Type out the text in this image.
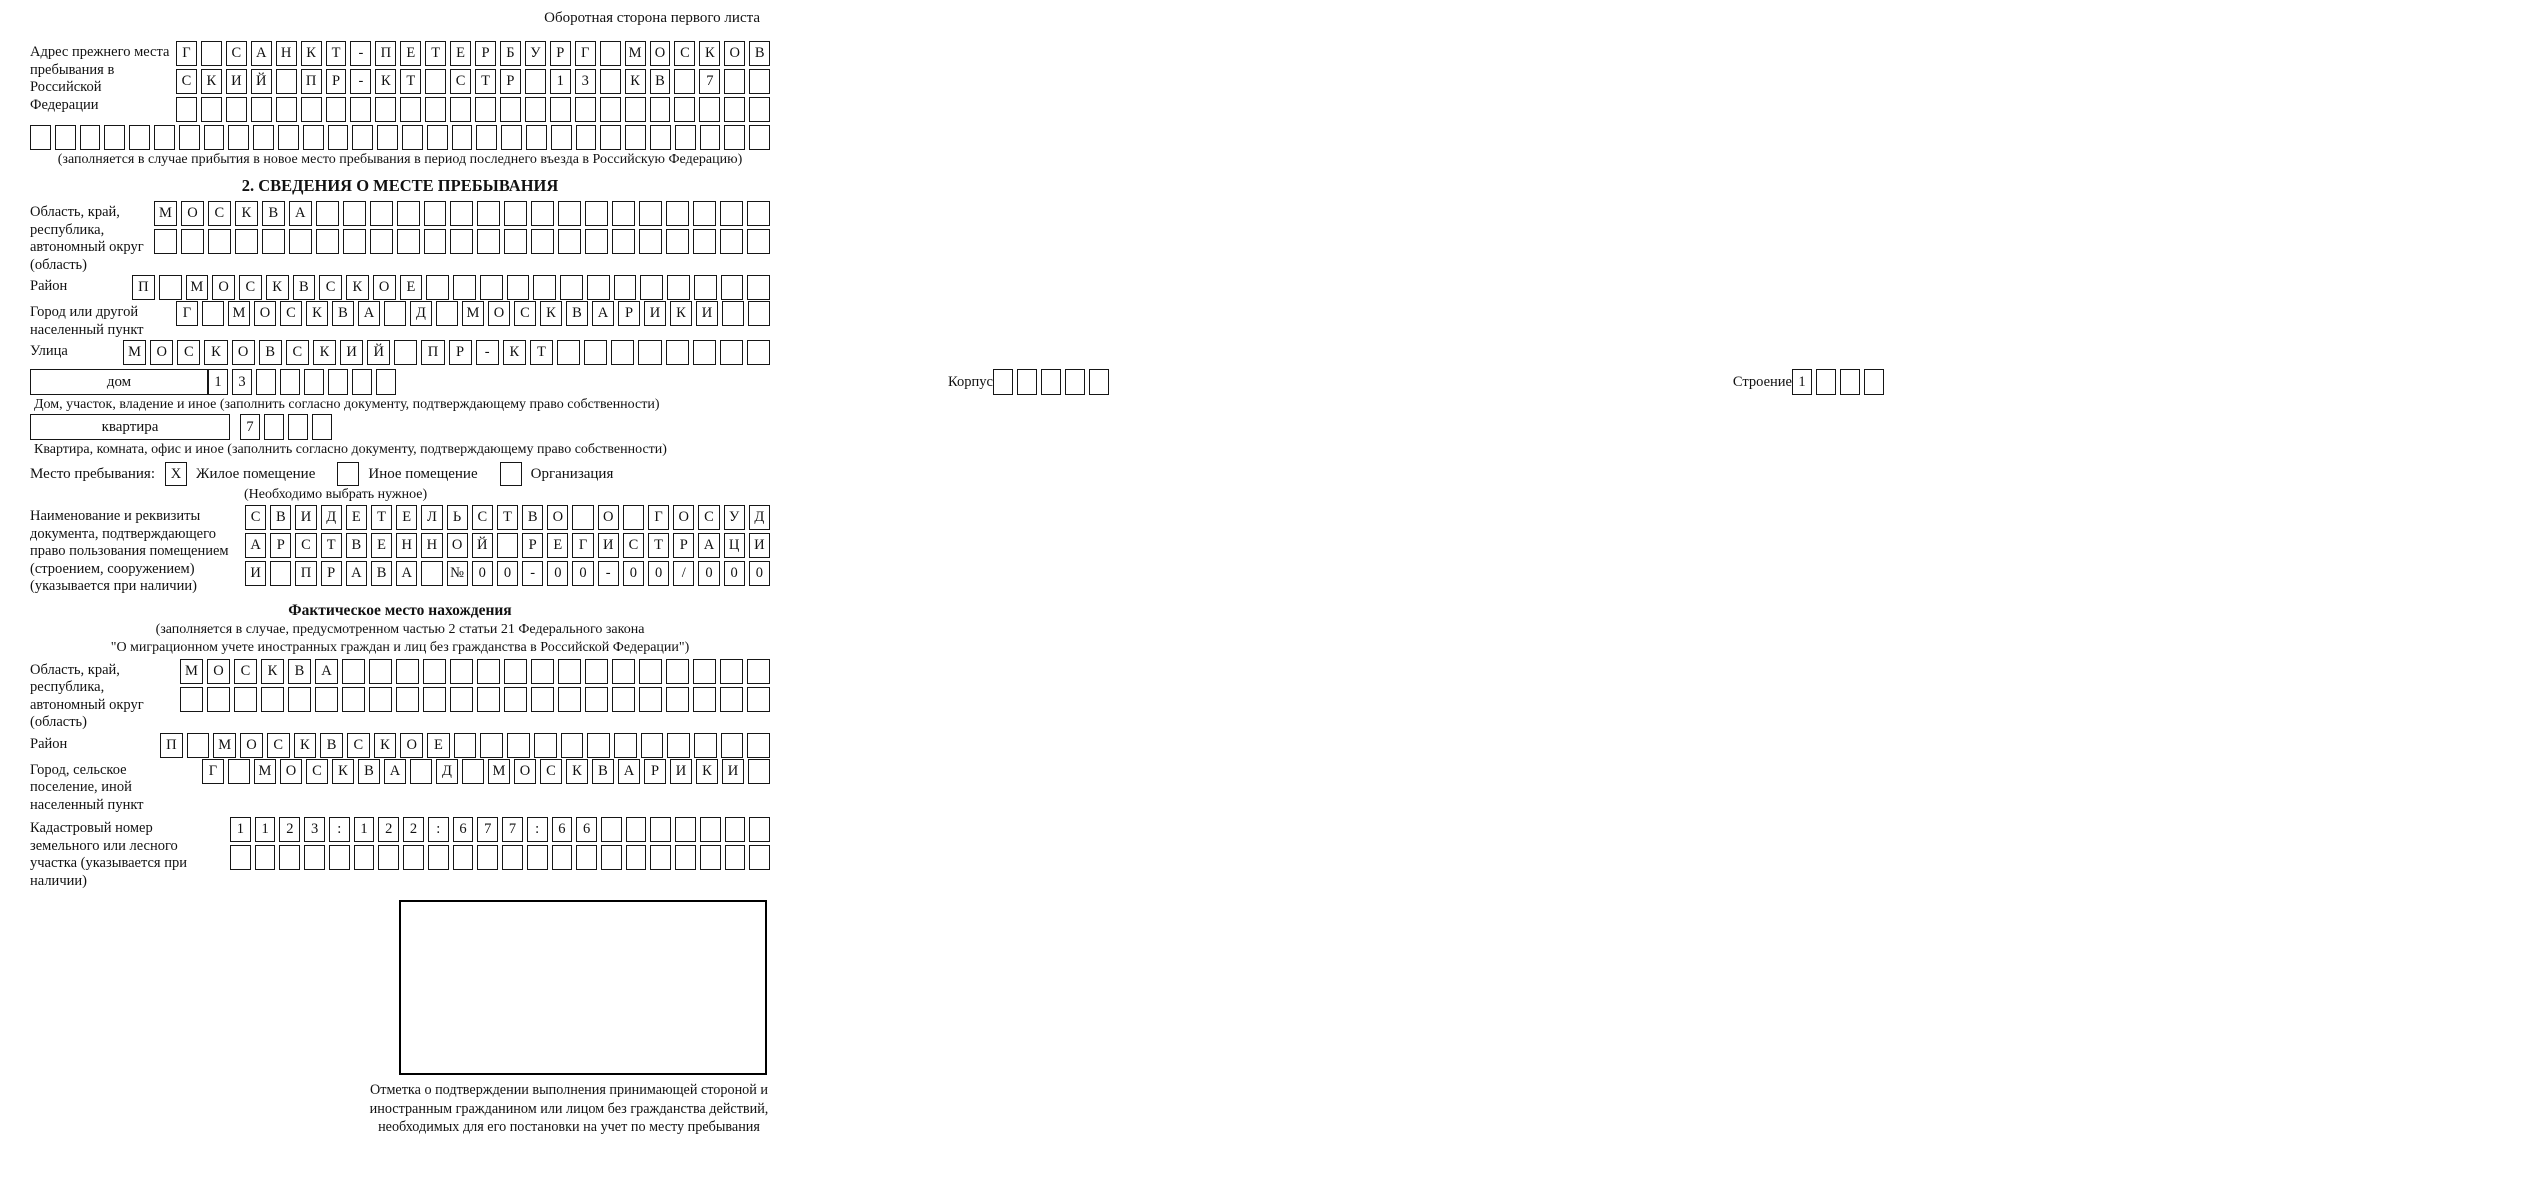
Оборотная сторона первого листа
Адрес прежнего места пребывания в Российской Федерации
Г	С	А Н	К	Т	-	П	Е	Т	Е	Р	Б	У	Р	Г	М О	С	К	О	В
С	К	И Й	П	Р	-	К	Т	С	Т	Р	1	3	К	В	7
(заполняется в случае прибытия в новое место пребывания в период последнего въезда в Российскую Федерацию)
2. СВЕДЕНИЯ О МЕСТЕ ПРЕБЫВАНИЯ
Область, край, республика, автономный округ (область)
М	О	С	К	В	А
Район	П	М	О	С	К	В	С	К	О	Е
Город или другой населенный пункт
Г	М О	С	К	В	А	Д	М О	С	К	В	А	Р	И	К	И
Улица	М	О	С	К	О	В	С	К	И	Й	П	Р	-	К	Т
дом	1	3	Корпус	Строение 1
Дом, участок, владение и иное (заполнить согласно документу, подтверждающему право собственности)
квартира	7
Квартира, комната, офис и иное (заполнить согласно документу, подтверждающему право собственности)
Место пребывания:	X Жилое помещение	Иное помещение	Организация
(Необходимо выбрать нужное)
Наименование и реквизиты документа, подтверждающего право пользования помещением (строением, сооружением) (указывается при наличии)
С	В	И	Д	Е	Т	Е	Л	Ь	С	Т	В	О	О	Г	О	С	У	Д
А	Р	С	Т	В	Е	Н	Н	О	Й	Р	Е	Г	И	С	Т	Р	А	Ц	И
И	П	Р	А	В	А	№	0	0	-	0	0	-	0	0	/	0	0	0
Фактическое место нахождения
(заполняется в случае, предусмотренном частью 2 статьи 21 Федерального закона
"О миграционном учете иностранных граждан и лиц без гражданства в Российской Федерации")
Область, край, республика, автономный округ (область)
М	О	С	К	В	А
Район	П	М	О	С	К	В	С	К	О	Е
Город, сельское поселение, иной населенный пункт
Г	М О	С	К	В	А	Д	М О	С	К	В	А	Р	И	К	И
Кадастровый номер земельного или лесного участка (указывается при наличии)
1	1	2	3	:	1	2	2	:	6	7	7	:	6	6
Отметка о подтверждении выполнения принимающей стороной и иностранным гражданином или лицом без гражданства действий, необходимых для его постановки на учет по месту пребывания
